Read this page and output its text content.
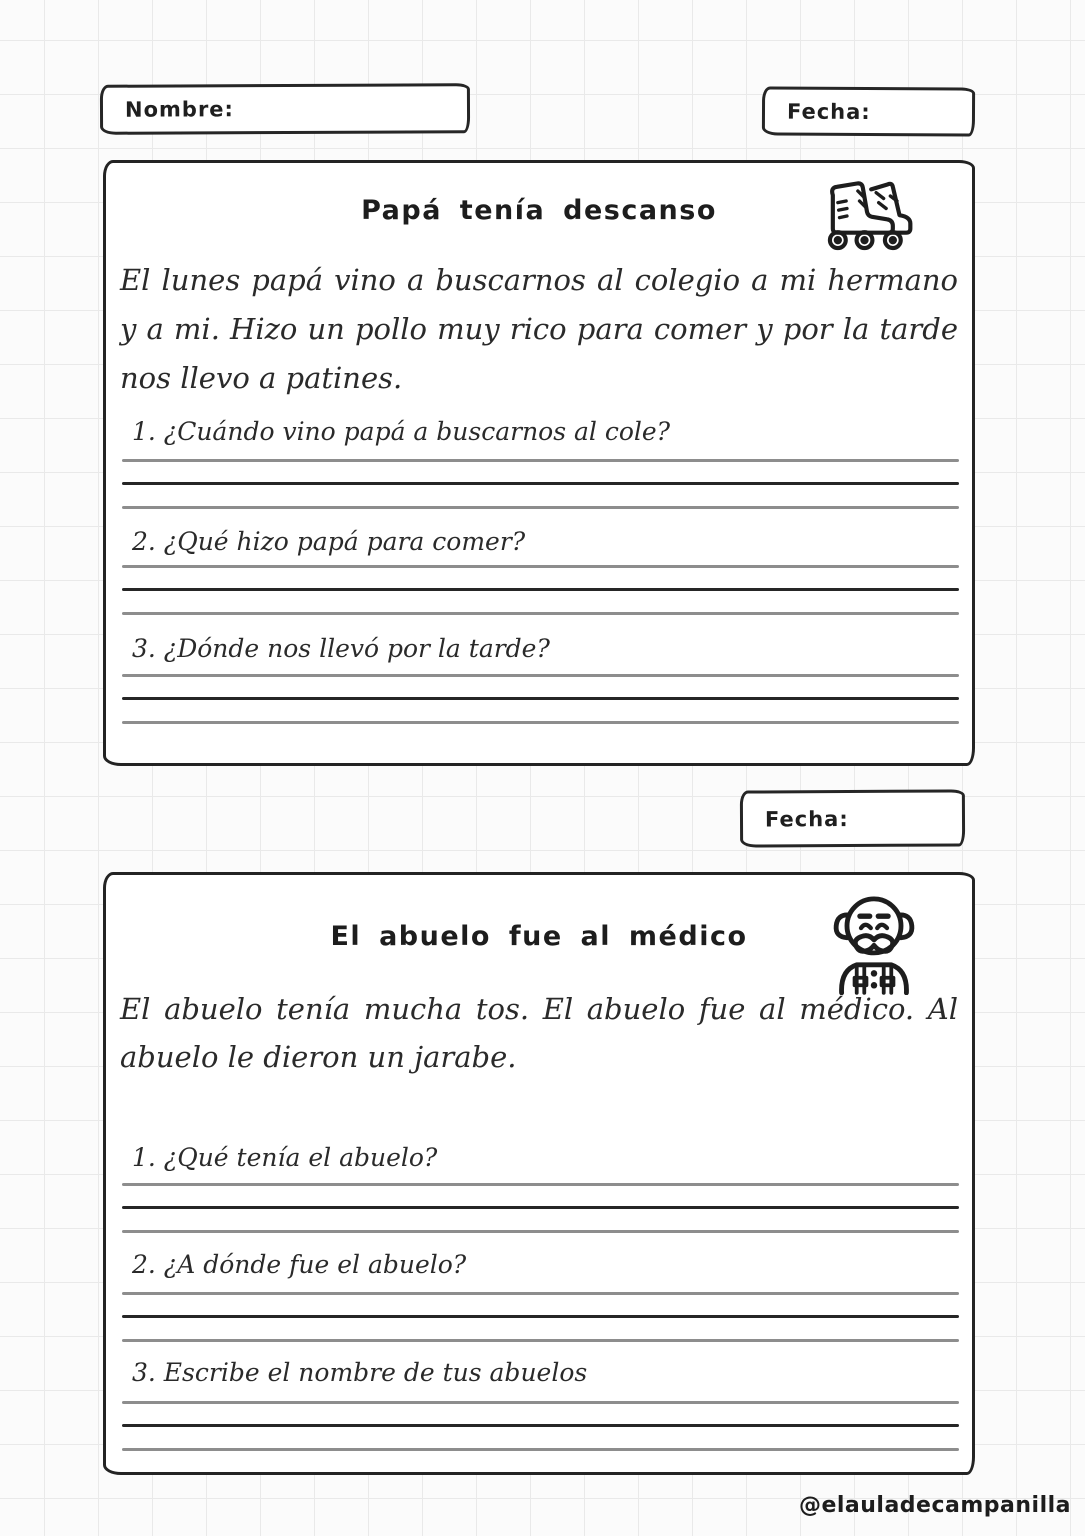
Nombre:	Fecha:
Papá tenía descanso

El lunes papá vino a buscarnos al colegio a mi hermano y a mi. Hizo un pollo muy rico para comer y por la tarde nos llevo a patines.

1. ¿Cuándo vino papá a buscarnos al cole?

2. ¿Qué hizo papá para comer?

3. ¿Dónde nos llevó por la tarde?

Fecha:
El abuelo fue al médico

El abuelo tenía mucha tos. El abuelo fue al médico. Al abuelo le dieron un jarabe.

1. ¿Qué tenía el abuelo?

2. ¿A dónde fue el abuelo?

3. Escribe el nombre de tus abuelos

@elauladecampanilla
